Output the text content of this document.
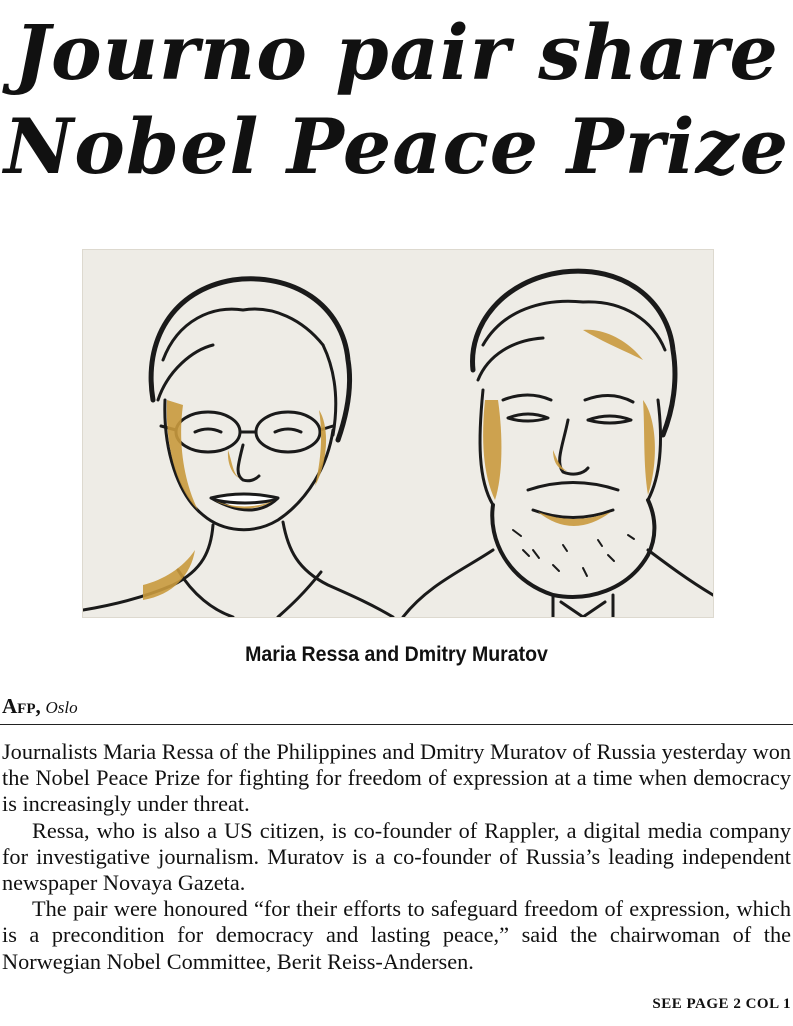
Journo pair share
Nobel Peace Prize

Maria Ressa and Dmitry Muratov

Afp, Oslo

Journalists Maria Ressa of the Philippines and Dmitry Muratov of Russia yesterday won the Nobel Peace Prize for fighting for freedom of expression at a time when democracy is increasingly under threat.

Ressa, who is also a US citizen, is co-founder of Rappler, a digital media company for investigative journalism. Muratov is a co-founder of Russia’s leading independent newspaper Novaya Gazeta.

The pair were honoured “for their efforts to safeguard freedom of expression, which is a precondition for democracy and lasting peace,” said the chairwoman of the Norwegian Nobel Committee, Berit Reiss-Andersen.

SEE PAGE 2 COL 1
